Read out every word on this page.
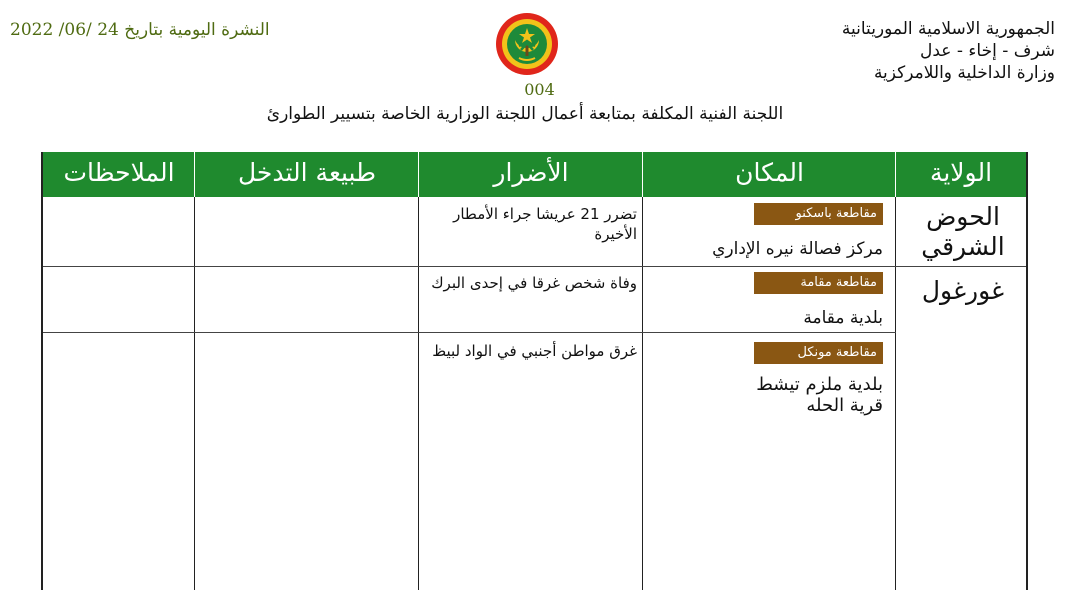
الجمهورية الاسلامية الموريتانية
شرف - إخاء - عدل
وزارة الداخلية واللامركزية
النشرة اليومية بتاريخ 24 /06/ 2022
004
اللجنة الفنية المكلفة بمتابعة أعمال اللجنة الوزارية الخاصة بتسيير الطوارئ
الولاية
المكان
الأضرار
طبيعة التدخل
الملاحظات
الحوض الشرقي
غورغول
مقاطعة باسكنو
مركز فصالة نيره الإداري
تضرر 21 عريشا جراء الأمطار الأخيرة
مقاطعة مقامة
بلدية مقامة
وفاة شخص غرقا في إحدى البرك
مقاطعة مونكل
بلدية ملزم تيشط
قرية الحله
غرق مواطن أجنبي في الواد لبيظ
